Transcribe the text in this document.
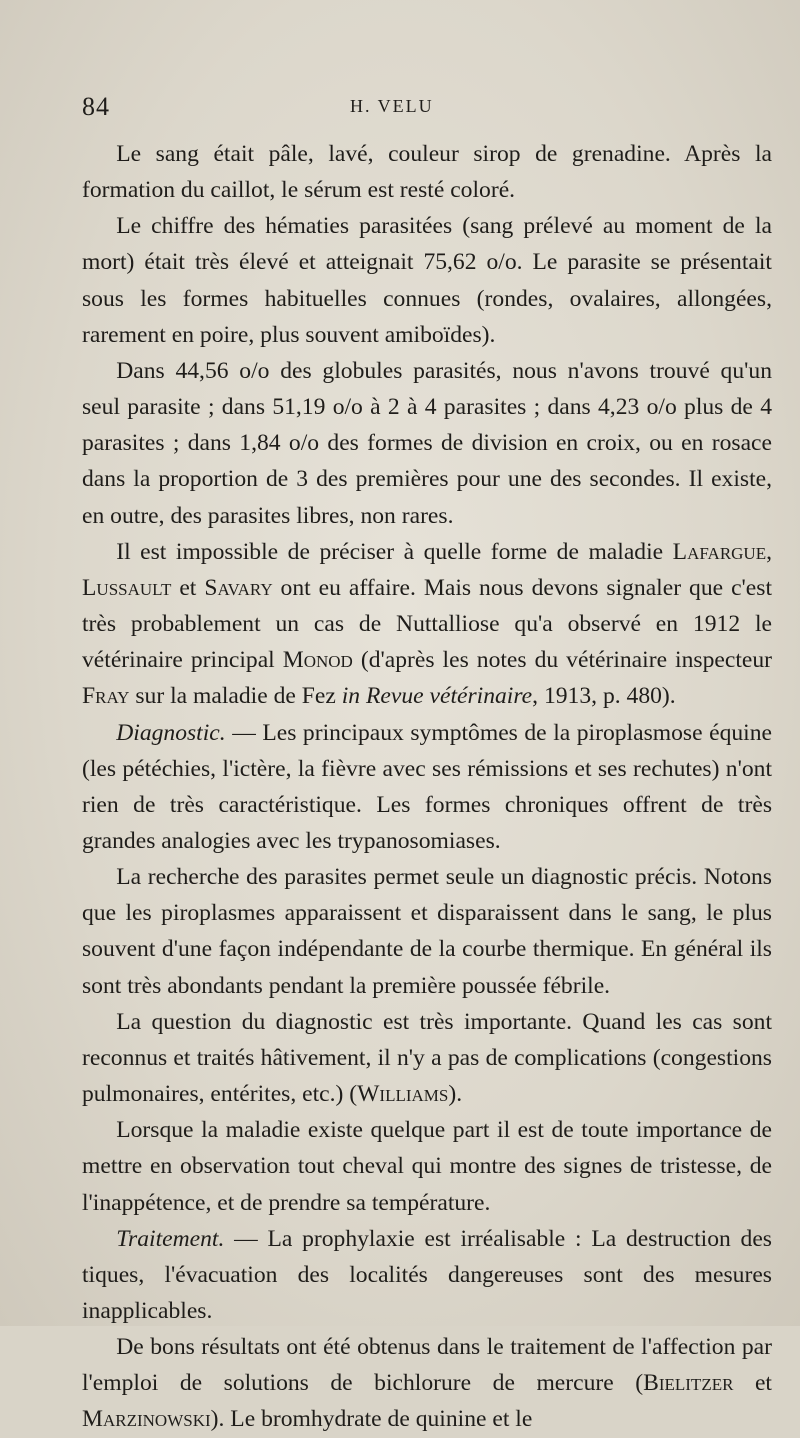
84	H. VELU

Le sang était pâle, lavé, couleur sirop de grenadine. Après la formation du caillot, le sérum est resté coloré.

Le chiffre des hématies parasitées (sang prélevé au moment de la mort) était très élevé et atteignait 75,62 o/o. Le parasite se présentait sous les formes habituelles connues (rondes, ovalaires, allongées, rarement en poire, plus souvent amiboïdes).

Dans 44,56 o/o des globules parasités, nous n'avons trouvé qu'un seul parasite ; dans 51,19 o/o à 2 à 4 parasites ; dans 4,23 o/o plus de 4 parasites ; dans 1,84 o/o des formes de division en croix, ou en rosace dans la proportion de 3 des premières pour une des secondes. Il existe, en outre, des parasites libres, non rares.

Il est impossible de préciser à quelle forme de maladie Lafargue, Lussault et Savary ont eu affaire. Mais nous devons signaler que c'est très probablement un cas de Nuttalliose qu'a observé en 1912 le vétérinaire principal Monod (d'après les notes du vétérinaire inspecteur Fray sur la maladie de Fez in Revue vétérinaire, 1913, p. 480).

Diagnostic. — Les principaux symptômes de la piroplasmose équine (les pétéchies, l'ictère, la fièvre avec ses rémissions et ses rechutes) n'ont rien de très caractéristique. Les formes chroniques offrent de très grandes analogies avec les trypanosomiases.

La recherche des parasites permet seule un diagnostic précis. Notons que les piroplasmes apparaissent et disparaissent dans le sang, le plus souvent d'une façon indépendante de la courbe thermique. En général ils sont très abondants pendant la première poussée fébrile.

La question du diagnostic est très importante. Quand les cas sont reconnus et traités hâtivement, il n'y a pas de complications (congestions pulmonaires, entérites, etc.) (Williams).

Lorsque la maladie existe quelque part il est de toute importance de mettre en observation tout cheval qui montre des signes de tristesse, de l'inappétence, et de prendre sa température.

Traitement. — La prophylaxie est irréalisable : La destruction des tiques, l'évacuation des localités dangereuses sont des mesures inapplicables.

De bons résultats ont été obtenus dans le traitement de l'affection par l'emploi de solutions de bichlorure de mercure (Bielitzer et Marzinowski). Le bromhydrate de quinine et le
